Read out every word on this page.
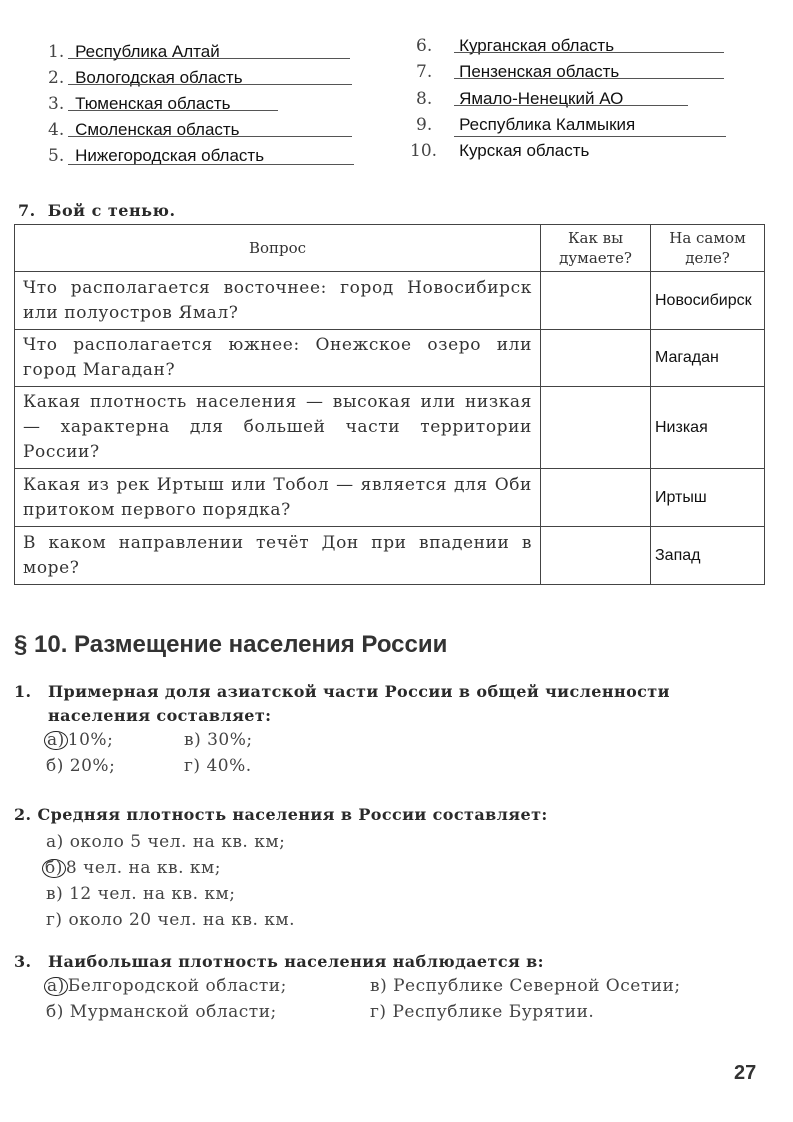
1. Республика Алтай
2. Вологодская область
3. Тюменская область
4. Смоленская область
5. Нижегородская область
6. Курганская область
7. Пензенская область
8. Ямало-Ненецкий АО
9. Республика Калмыкия
10. Курская область
7. Бой с тенью.
Вопрос	Как вы думаете?	На самом деле?
Что располагается восточнее: город Новосибирск или полуостров Ямал?		Новосибирск
Что располагается южнее: Онежское озеро или город Магадан?		Магадан
Какая плотность населения — высокая или низкая — характерна для большей части территории России?		Низкая
Какая из рек Иртыш или Тобол — является для Оби притоком первого порядка?		Иртыш
В каком направлении течёт Дон при впадении в море?		Запад
§ 10. Размещение населения России
1.	Примерная доля азиатской части России в общей численности населения составляет:
а) 10%;	в) 30%;
б) 20%;	г) 40%.
2. Средняя плотность населения в России составляет:
а) около 5 чел. на кв. км;
б) 8 чел. на кв. км;
в) 12 чел. на кв. км;
г) около 20 чел. на кв. км.
3.	Наибольшая плотность населения наблюдается в:
а) Белгородской области;	в) Республике Северной Осетии;
б) Мурманской области;	г) Республике Бурятии.
27
